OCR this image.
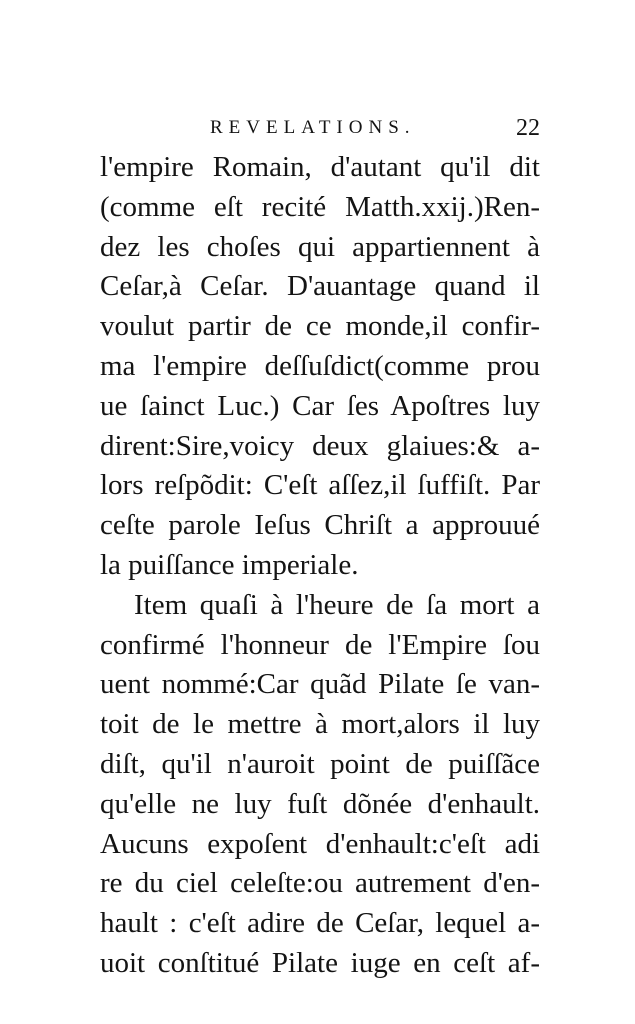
REVELATIONS.	22
l'empire Romain, d'autant qu'il dit
(comme eſt recité Matth.xxij.)Ren-
dez les choſes qui appartiennent à
Ceſar,à Ceſar. D'auantage quand il
voulut partir de ce monde,il confir-
ma l'empire deſſuſdict(comme prou
ue ſainct Luc.) Car ſes Apoſtres luy
dirent:Sire,voicy deux glaiues:& a-
lors reſpõdit: C'eſt aſſez,il ſuffiſt. Par
ceſte parole Ieſus Chriſt a approuué
la puiſſance imperiale.
Item quaſi à l'heure de ſa mort a
confirmé l'honneur de l'Empire ſou
uent nommé:Car quãd Pilate ſe van-
toit de le mettre à mort,alors il luy
diſt, qu'il n'auroit point de puiſſãce
qu'elle ne luy fuſt dõnée d'enhault.
Aucuns expoſent d'enhault:c'eſt adi
re du ciel celeſte:ou autrement d'en-
hault : c'eſt adire de Ceſar, lequel a-
uoit conſtitué Pilate iuge en ceſt af-
